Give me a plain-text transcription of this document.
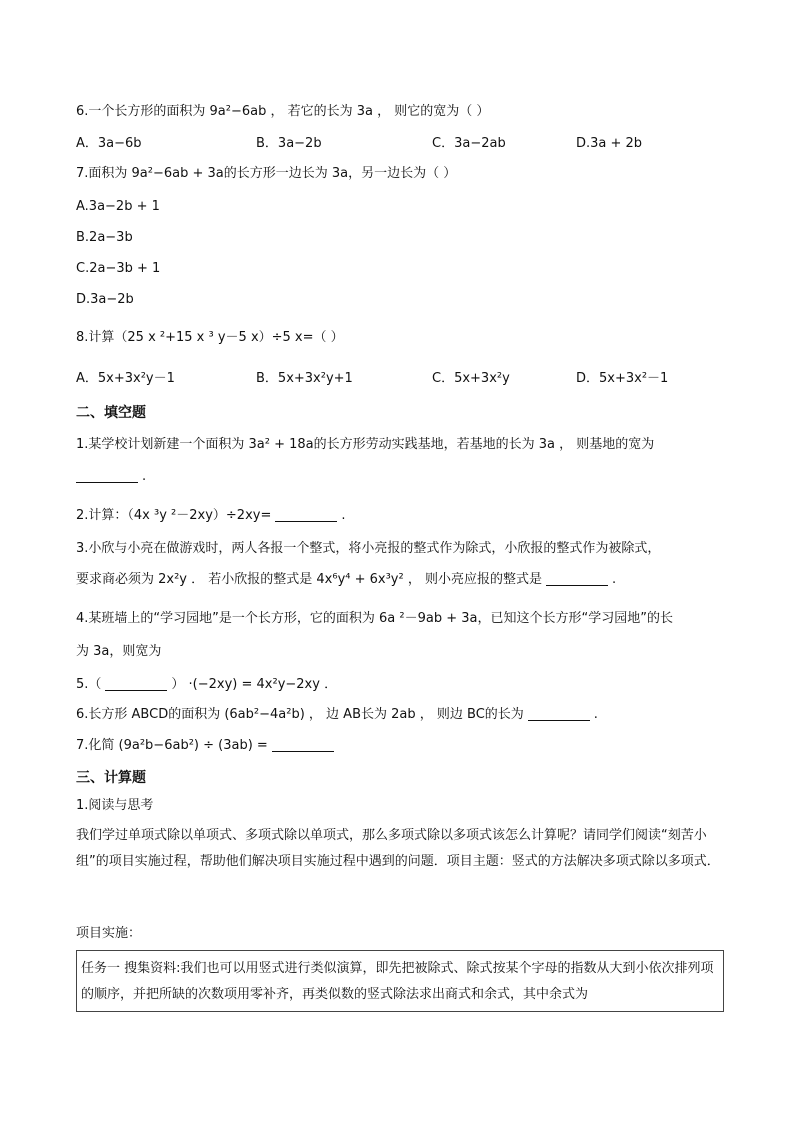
6.一个长方形的面积为 9a²−6ab ， 若它的长为 3a ， 则它的宽为（ ）
A．3a−6b	B．3a−2b	C．3a−2ab	D.3a + 2b
7.面积为 9a²−6ab + 3a的长方形一边长为 3a，另一边长为（ ）
A.3a−2b + 1
B.2a−3b
C.2a−3b + 1
D.3a−2b
8.计算（25 x ²+15 x ³ y－5 x）÷5 x=（ ）
A．5x+3x²y－1	B．5x+3x²y+1	C．5x+3x²y	D．5x+3x²－1
二、填空题
1.某学校计划新建一个面积为 3a² + 18a的长方形劳动实践基地，若基地的长为 3a ， 则基地的宽为
.
2.计算：（4x ³y ²－2xy）÷2xy=	.
3.小欣与小亮在做游戏时，两人各报一个整式，将小亮报的整式作为除式，小欣报的整式作为被除式，
要求商必须为 2x²y ． 若小欣报的整式是 4x⁶y⁴ + 6x³y² ， 则小亮应报的整式是	.
4.某班墙上的“学习园地”是一个长方形，它的面积为 6a ²－9ab + 3a，已知这个长方形“学习园地”的长
为 3a，则宽为
5.（	） ·(−2xy) = 4x²y−2xy ．
6.长方形 ABCD的面积为 (6ab²−4a²b) ， 边 AB长为 2ab ， 则边 BC的长为	.
7.化简 (9a²b−6ab²) ÷ (3ab) =
三、计算题
1.阅读与思考
我们学过单项式除以单项式、多项式除以单项式，那么多项式除以多项式该怎么计算呢？请同学们阅读“刻苦小组”的项目实施过程，帮助他们解决项目实施过程中遇到的问题．项目主题：竖式的方法解决多项式除以多项式．
项目实施：
任务一 搜集资料:我们也可以用竖式进行类似演算，即先把被除式、除式按某个字母的指数从大到小依次排列项的顺序，并把所缺的次数项用零补齐，再类似数的竖式除法求出商式和余式，其中余式为
